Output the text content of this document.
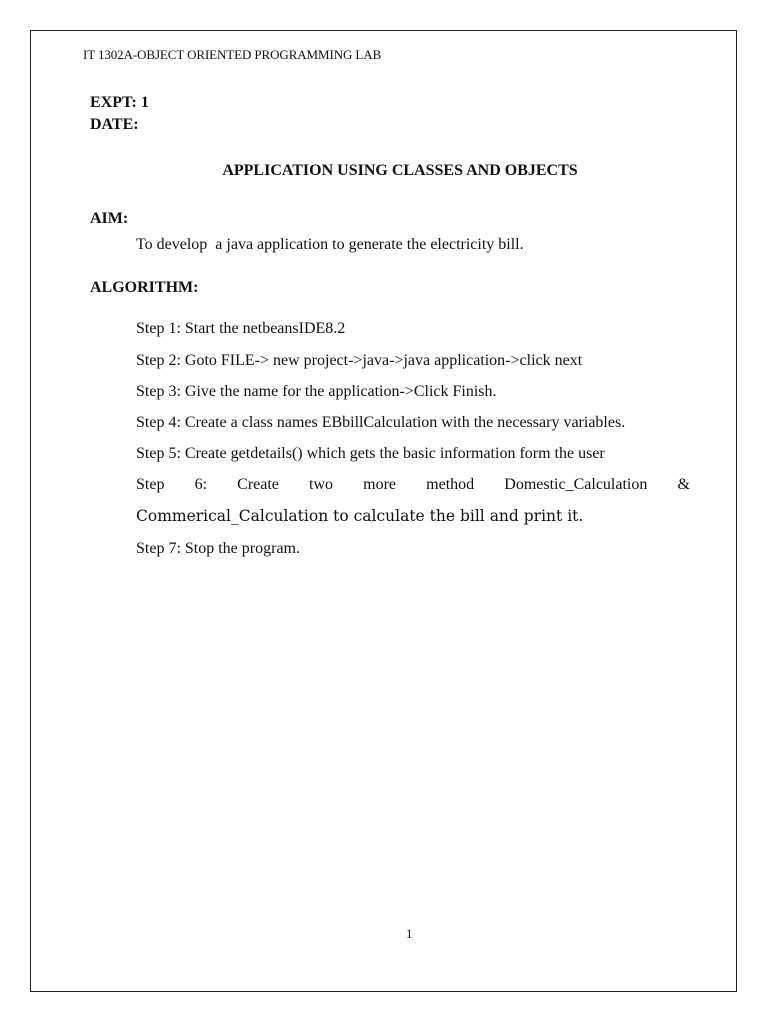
IT 1302A-OBJECT ORIENTED PROGRAMMING LAB

EXPT: 1

DATE:

APPLICATION USING CLASSES AND OBJECTS

AIM:

To develop  a java application to generate the electricity bill.

ALGORITHM:

Step 1: Start the netbeansIDE8.2

Step 2: Goto FILE-> new project->java->java application->click next

Step 3: Give the name for the application->Click Finish.

Step 4: Create a class names EBbillCalculation with the necessary variables.

Step 5: Create getdetails() which gets the basic information form the user

Step 6: Create two more method Domestic_Calculation &

Commerical_Calculation to calculate the bill and print it.

Step 7: Stop the program.

1
